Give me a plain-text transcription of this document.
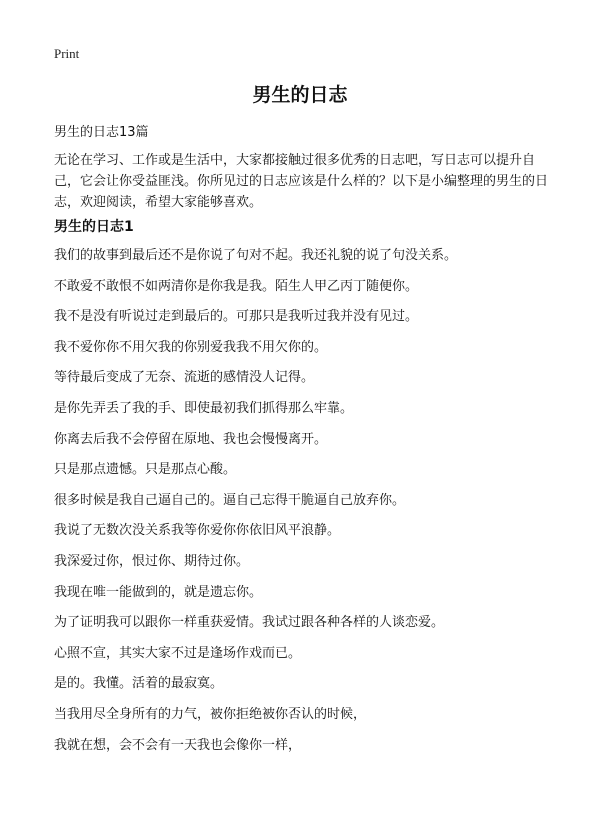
Print
男生的日志
男生的日志13篇
无论在学习、工作或是生活中，大家都接触过很多优秀的日志吧，写日志可以提升自己，它会让你受益匪浅。你所见过的日志应该是什么样的？以下是小编整理的男生的日志，欢迎阅读，希望大家能够喜欢。
男生的日志1
我们的故事到最后还不是你说了句对不起。我还礼貌的说了句没关系。
不敢爱不敢恨不如两清你是你我是我。陌生人甲乙丙丁随便你。
我不是没有听说过走到最后的。可那只是我听过我并没有见过。
我不爱你你不用欠我的你别爱我我不用欠你的。
等待最后变成了无奈、流逝的感情没人记得。
是你先弄丢了我的手、即使最初我们抓得那么牢靠。
你离去后我不会停留在原地、我也会慢慢离开。
只是那点遗憾。只是那点心酸。
很多时候是我自己逼自己的。逼自己忘得干脆逼自己放弃你。
我说了无数次没关系我等你爱你你依旧风平浪静。
我深爱过你，恨过你、期待过你。
我现在唯一能做到的，就是遗忘你。
为了证明我可以跟你一样重获爱情。我试过跟各种各样的人谈恋爱。
心照不宣，其实大家不过是逢场作戏而已。
是的。我懂。活着的最寂寞。
当我用尽全身所有的力气，被你拒绝被你否认的时候，
我就在想，会不会有一天我也会像你一样，
